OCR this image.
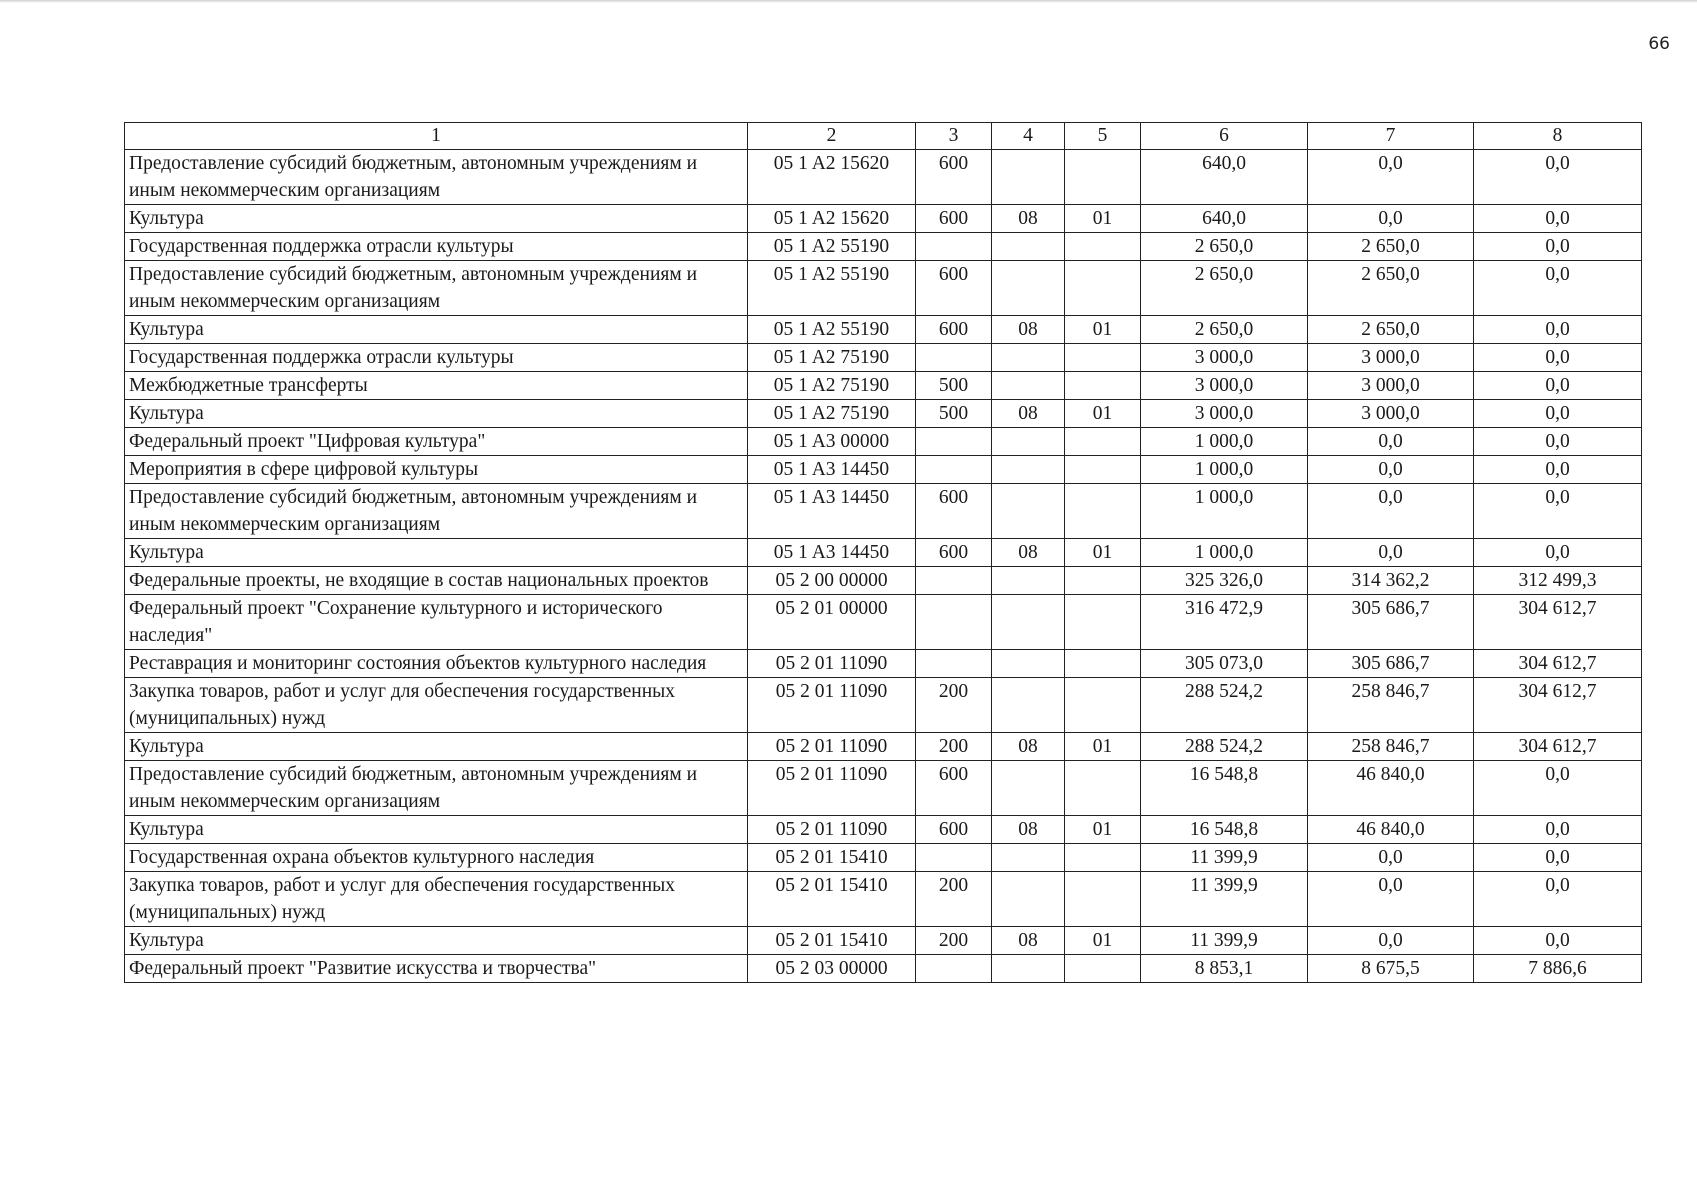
66
1	2	3	4	5	6	7	8
Предоставление субсидий бюджетным, автономным учреждениям и иным некоммерческим организациям	05 1 A2 15620	600			640,0	0,0	0,0
Культура	05 1 A2 15620	600	08	01	640,0	0,0	0,0
Государственная поддержка отрасли культуры	05 1 A2 55190				2 650,0	2 650,0	0,0
Предоставление субсидий бюджетным, автономным учреждениям и иным некоммерческим организациям	05 1 A2 55190	600			2 650,0	2 650,0	0,0
Культура	05 1 A2 55190	600	08	01	2 650,0	2 650,0	0,0
Государственная поддержка отрасли культуры	05 1 A2 75190				3 000,0	3 000,0	0,0
Межбюджетные трансферты	05 1 A2 75190	500			3 000,0	3 000,0	0,0
Культура	05 1 A2 75190	500	08	01	3 000,0	3 000,0	0,0
Федеральный проект "Цифровая культура"	05 1 A3 00000				1 000,0	0,0	0,0
Мероприятия в сфере цифровой культуры	05 1 A3 14450				1 000,0	0,0	0,0
Предоставление субсидий бюджетным, автономным учреждениям и иным некоммерческим организациям	05 1 A3 14450	600			1 000,0	0,0	0,0
Культура	05 1 A3 14450	600	08	01	1 000,0	0,0	0,0
Федеральные проекты, не входящие в состав национальных проектов	05 2 00 00000				325 326,0	314 362,2	312 499,3
Федеральный проект "Сохранение культурного и исторического наследия"	05 2 01 00000				316 472,9	305 686,7	304 612,7
Реставрация и мониторинг состояния объектов культурного наследия	05 2 01 11090				305 073,0	305 686,7	304 612,7
Закупка товаров, работ и услуг для обеспечения государственных (муниципальных) нужд	05 2 01 11090	200			288 524,2	258 846,7	304 612,7
Культура	05 2 01 11090	200	08	01	288 524,2	258 846,7	304 612,7
Предоставление субсидий бюджетным, автономным учреждениям и иным некоммерческим организациям	05 2 01 11090	600			16 548,8	46 840,0	0,0
Культура	05 2 01 11090	600	08	01	16 548,8	46 840,0	0,0
Государственная охрана объектов культурного наследия	05 2 01 15410				11 399,9	0,0	0,0
Закупка товаров, работ и услуг для обеспечения государственных (муниципальных) нужд	05 2 01 15410	200			11 399,9	0,0	0,0
Культура	05 2 01 15410	200	08	01	11 399,9	0,0	0,0
Федеральный проект "Развитие искусства и творчества"	05 2 03 00000				8 853,1	8 675,5	7 886,6
